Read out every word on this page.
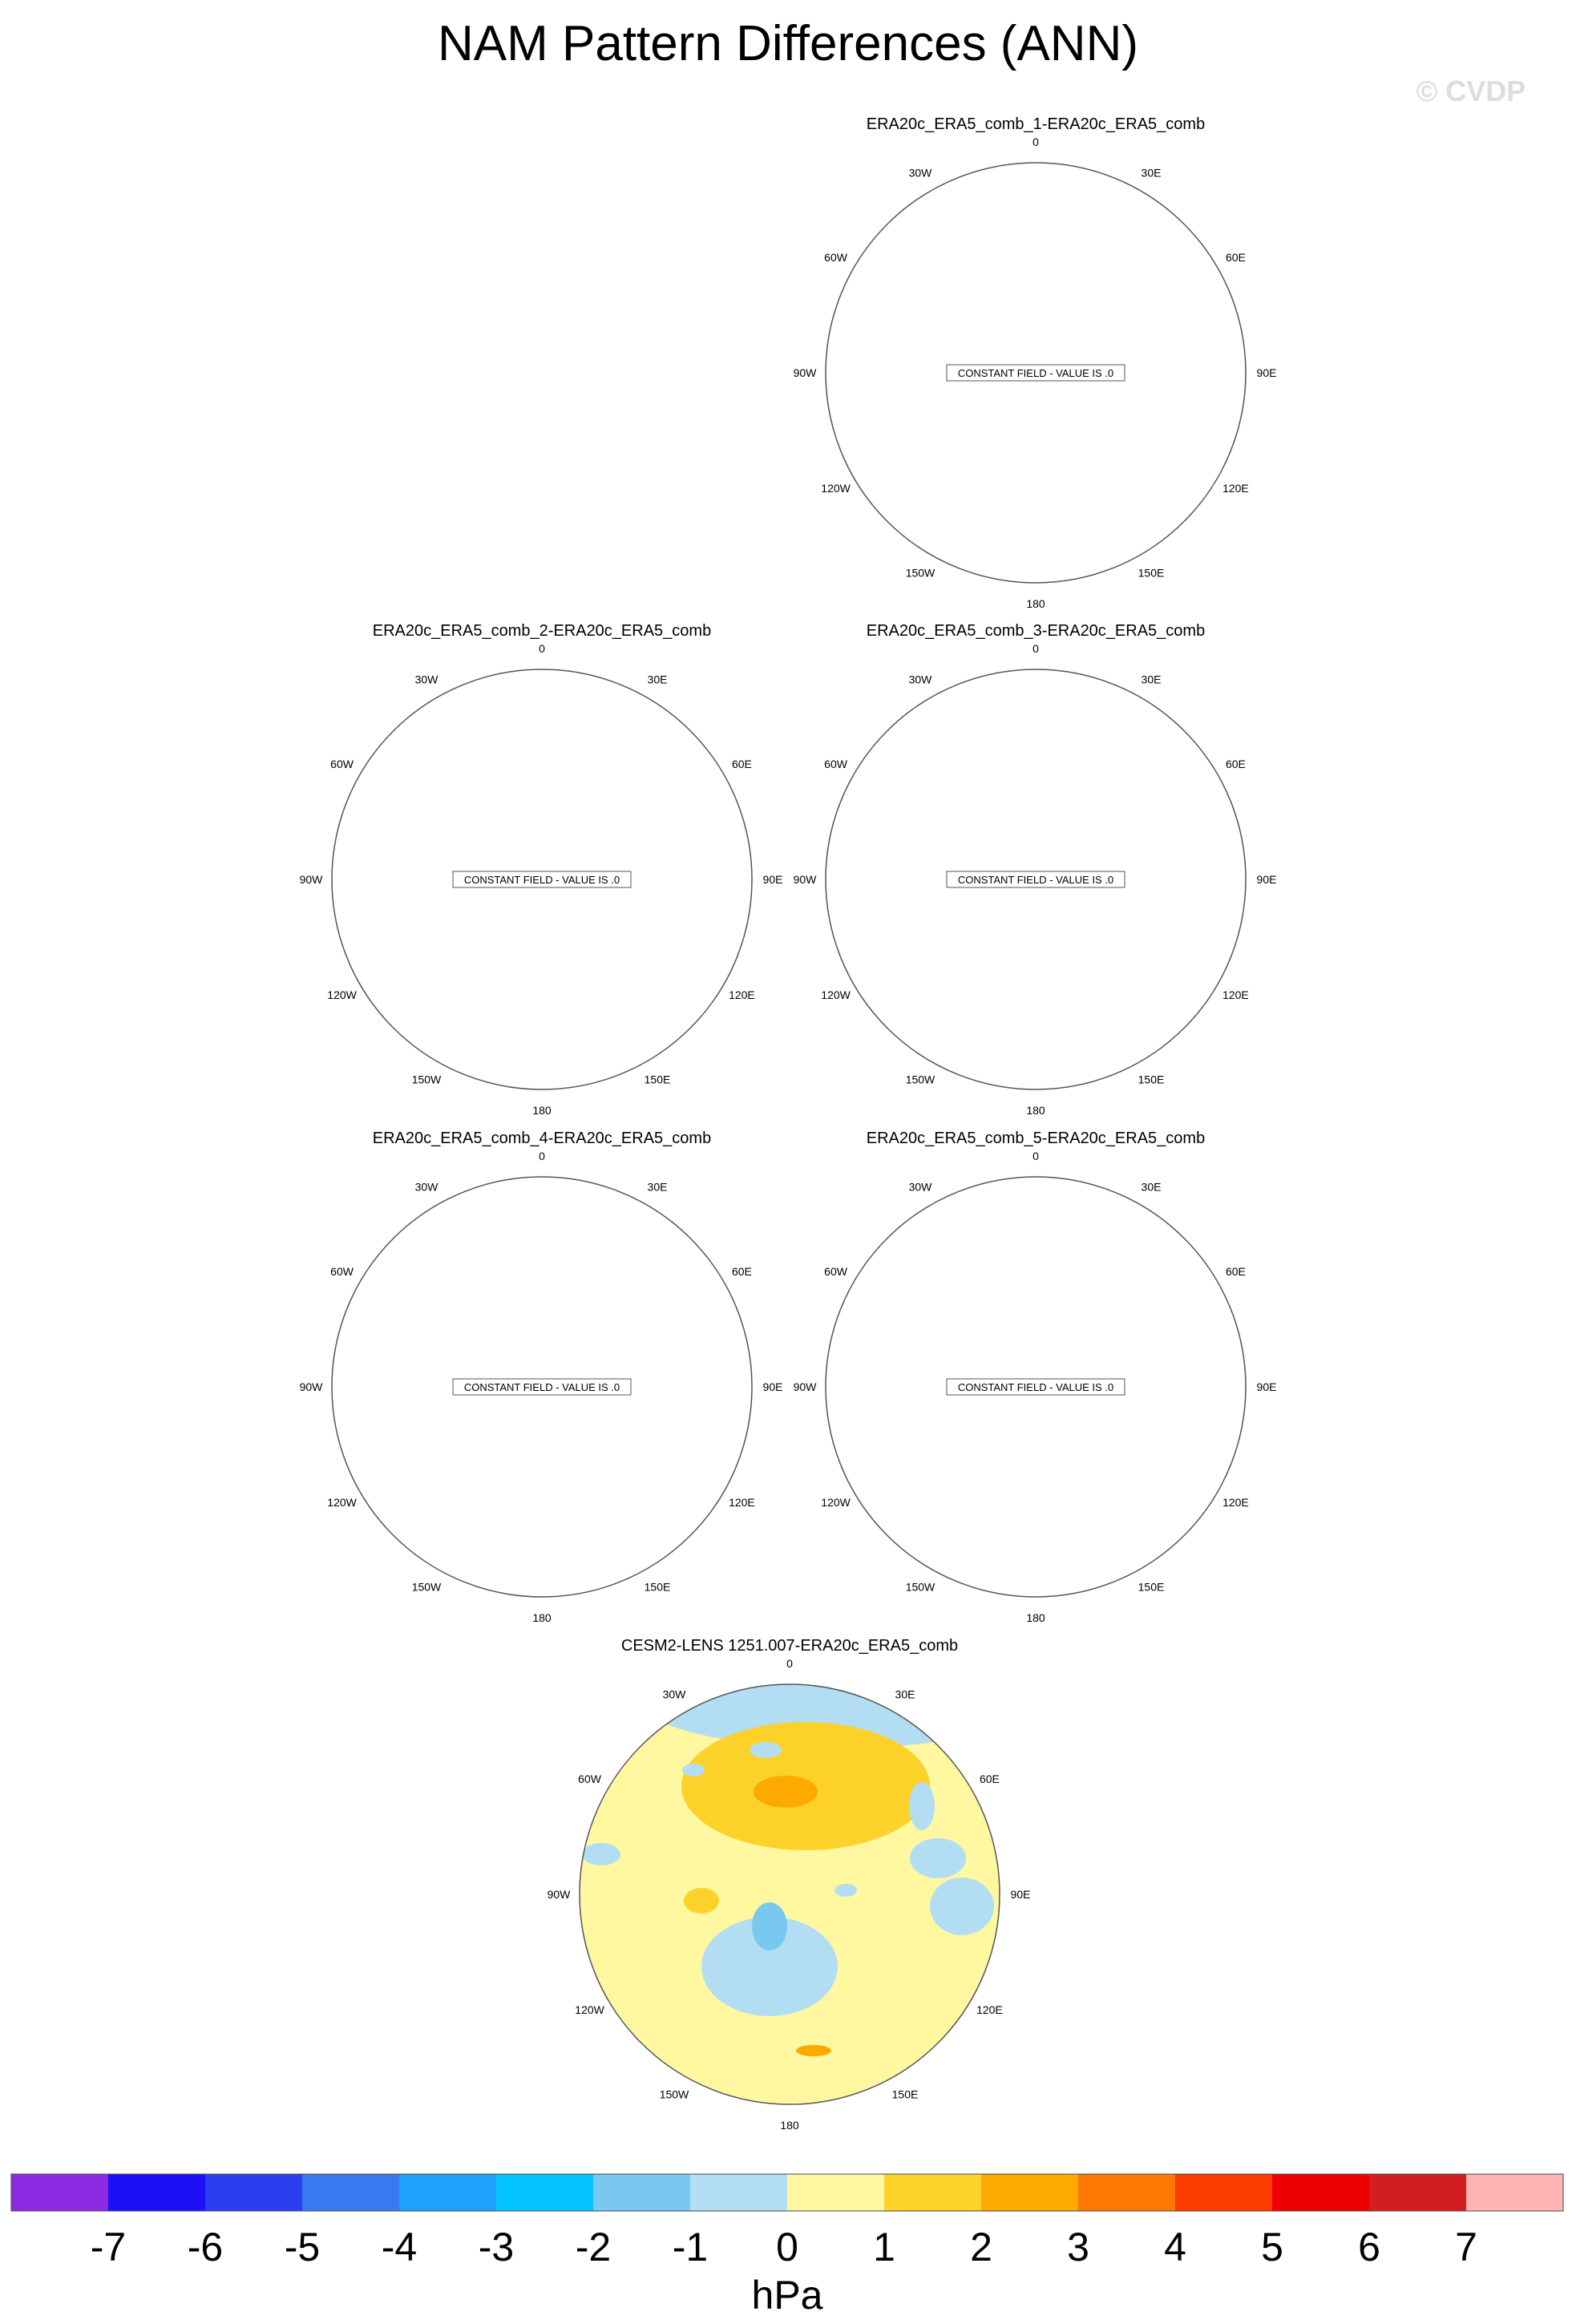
NAM Pattern Differences (ANN)
© CVDP
ERA20c_ERA5_comb_1-ERA20c_ERA5_comb
180
150E
120E
90E
60E
30E
0
30W
60W
90W
120W
150W
CONSTANT FIELD - VALUE IS .0
ERA20c_ERA5_comb_2-ERA20c_ERA5_comb
180
150E
120E
90E
60E
30E
0
30W
60W
90W
120W
150W
CONSTANT FIELD - VALUE IS .0
ERA20c_ERA5_comb_3-ERA20c_ERA5_comb
180
150E
120E
90E
60E
30E
0
30W
60W
90W
120W
150W
CONSTANT FIELD - VALUE IS .0
ERA20c_ERA5_comb_4-ERA20c_ERA5_comb
180
150E
120E
90E
60E
30E
0
30W
60W
90W
120W
150W
CONSTANT FIELD - VALUE IS .0
ERA20c_ERA5_comb_5-ERA20c_ERA5_comb
180
150E
120E
90E
60E
30E
0
30W
60W
90W
120W
150W
CONSTANT FIELD - VALUE IS .0
CESM2-LENS 1251.007-ERA20c_ERA5_comb
180
150E
120E
90E
60E
30E
0
30W
60W
90W
120W
150W
-7 -6 -5 -4 -3 -2 -1 0 1 2 3 4 5 6 7
hPa
